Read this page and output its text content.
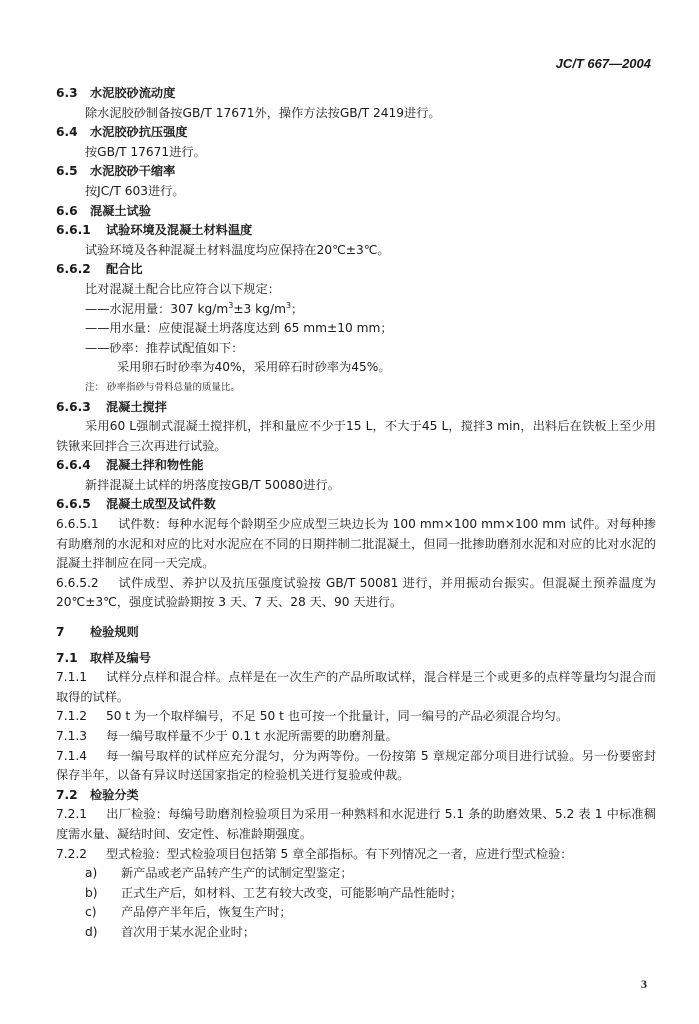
JC/T 667—2004
6.3 水泥胶砂流动度
除水泥胶砂制备按GB/T 17671外，操作方法按GB/T 2419进行。
6.4 水泥胶砂抗压强度
按GB/T 17671进行。
6.5 水泥胶砂干缩率
按JC/T 603进行。
6.6 混凝土试验
6.6.1 试验环境及混凝土材料温度
试验环境及各种混凝土材料温度均应保持在20℃±3℃。
6.6.2 配合比
比对混凝土配合比应符合以下规定：
——水泥用量：307 $kg/m^3\pm 3$ $kg/m^3$；
——用水量：应使混凝土坍落度达到 65 mm±10 mm；
——砂率：推荐试配值如下：
采用卵石时砂率为40%，采用碎石时砂率为45%。
注： 砂率指砂与骨料总量的质量比。
6.6.3 混凝土搅拌
采用60 L强制式混凝土搅拌机，拌和量应不少于15 L，不大于45 L，搅拌3 min，出料后在铁板上至少用铁锹来回拌合三次再进行试验。
6.6.4 混凝土拌和物性能
新拌混凝土试样的坍落度按GB/T 50080进行。
6.6.5 混凝土成型及试件数
6.6.5.1 试件数：每种水泥每个龄期至少应成型三块边长为 100 mm×100 mm×100 mm 试件。对每种掺有助磨剂的水泥和对应的比对水泥应在不同的日期拌制二批混凝土，但同一批掺助磨剂水泥和对应的比对水泥的混凝土拌制应在同一天完成。
6.6.5.2 试件成型、养护以及抗压强度试验按 GB/T 50081 进行，并用振动台振实。但混凝土预养温度为 20℃±3℃，强度试验龄期按 3 天、7 天、28 天、90 天进行。
7 检验规则
7.1 取样及编号
7.1.1 试样分点样和混合样。点样是在一次生产的产品所取试样，混合样是三个或更多的点样等量均匀混合而取得的试样。
7.1.2 50 t 为一个取样编号，不足 50 t 也可按一个批量计，同一编号的产品必须混合均匀。
7.1.3 每一编号取样量不少于 0.1 t 水泥所需要的助磨剂量。
7.1.4 每一编号取样的试样应充分混匀，分为两等份。一份按第 5 章规定部分项目进行试验。另一份要密封保存半年，以备有异议时送国家指定的检验机关进行复验或仲裁。
7.2 检验分类
7.2.1 出厂检验：每编号助磨剂检验项目为采用一种熟料和水泥进行 5.1 条的助磨效果、5.2 表 1 中标准稠度需水量、凝结时间、安定性、标准龄期强度。
7.2.2 型式检验：型式检验项目包括第 5 章全部指标。有下列情况之一者，应进行型式检验：
a) 新产品或老产品转产生产的试制定型鉴定；
b) 正式生产后，如材料、工艺有较大改变，可能影响产品性能时；
c) 产品停产半年后，恢复生产时；
d) 首次用于某水泥企业时；
3
